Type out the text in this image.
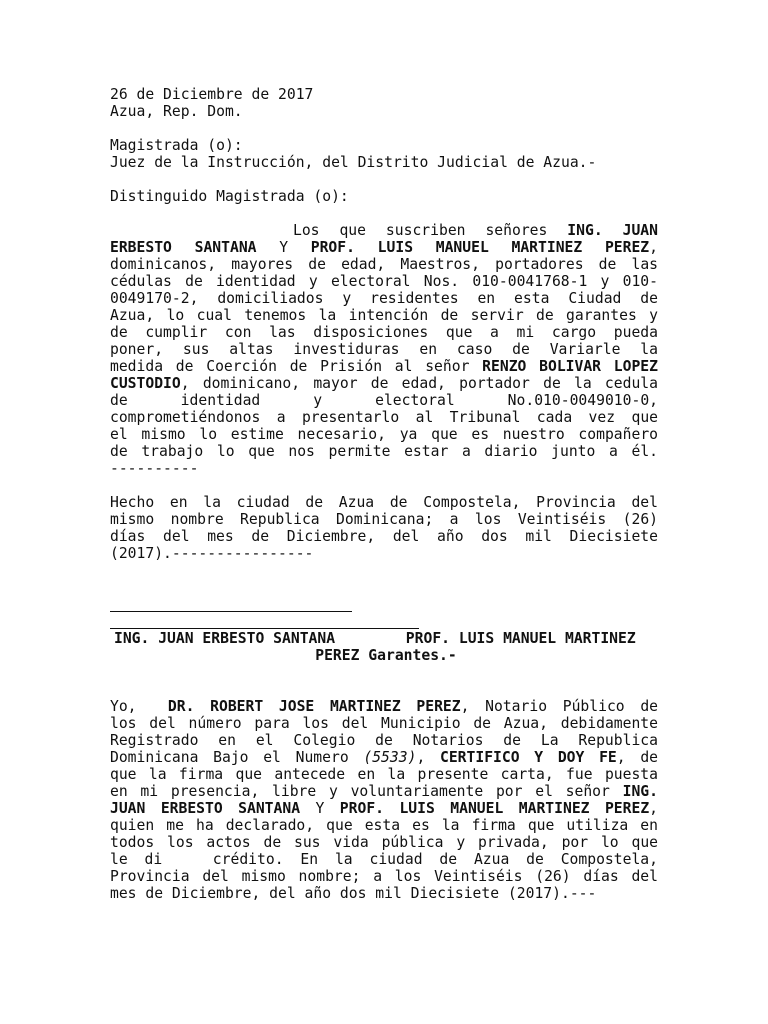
26 de Diciembre de 2017
Azua, Rep. Dom.
Magistrada (o):
Juez de la Instrucción, del Distrito Judicial de Azua.-
Distinguido Magistrada (o):
Los que suscriben señores ING. JUAN
ERBESTO SANTANA Y PROF. LUIS MANUEL MARTINEZ PEREZ,
dominicanos, mayores de edad, Maestros, portadores de las
cédulas de identidad y electoral Nos. 010-0041768-1 y 010-
0049170-2, domiciliados y residentes en esta Ciudad de
Azua, lo cual tenemos la intención de servir de garantes y
de cumplir con las disposiciones que a mi cargo pueda
poner, sus altas investiduras en caso de Variarle la
medida de Coerción de Prisión al señor RENZO BOLIVAR LOPEZ
CUSTODIO, dominicano, mayor de edad, portador de la cedula
de identidad y electoral No.010-0049010-0,
comprometiéndonos a presentarlo al Tribunal cada vez que
el mismo lo estime necesario, ya que es nuestro compañero
de trabajo lo que nos permite estar a diario junto a él.
----------
Hecho en la ciudad de Azua de Compostela, Provincia del
mismo nombre Republica Dominicana; a los Veintiséis (26)
días del mes de Diciembre, del año dos mil Diecisiete
(2017).----------------
ING. JUAN ERBESTO SANTANA        PROF. LUIS MANUEL MARTINEZ
PEREZ Garantes.-
Yo,  DR. ROBERT JOSE MARTINEZ PEREZ, Notario Público de
los del número para los del Municipio de Azua, debidamente
Registrado en el Colegio de Notarios de La Republica
Dominicana Bajo el Numero (5533), CERTIFICO Y DOY FE, de
que la firma que antecede en la presente carta, fue puesta
en mi presencia, libre y voluntariamente por el señor ING.
JUAN ERBESTO SANTANA Y PROF. LUIS MANUEL MARTINEZ PEREZ,
quien me ha declarado, que esta es la firma que utiliza en
todos los actos de sus vida pública y privada, por lo que
le di   crédito. En la ciudad de Azua de Compostela,
Provincia del mismo nombre; a los Veintiséis (26) días del
mes de Diciembre, del año dos mil Diecisiete (2017).---
